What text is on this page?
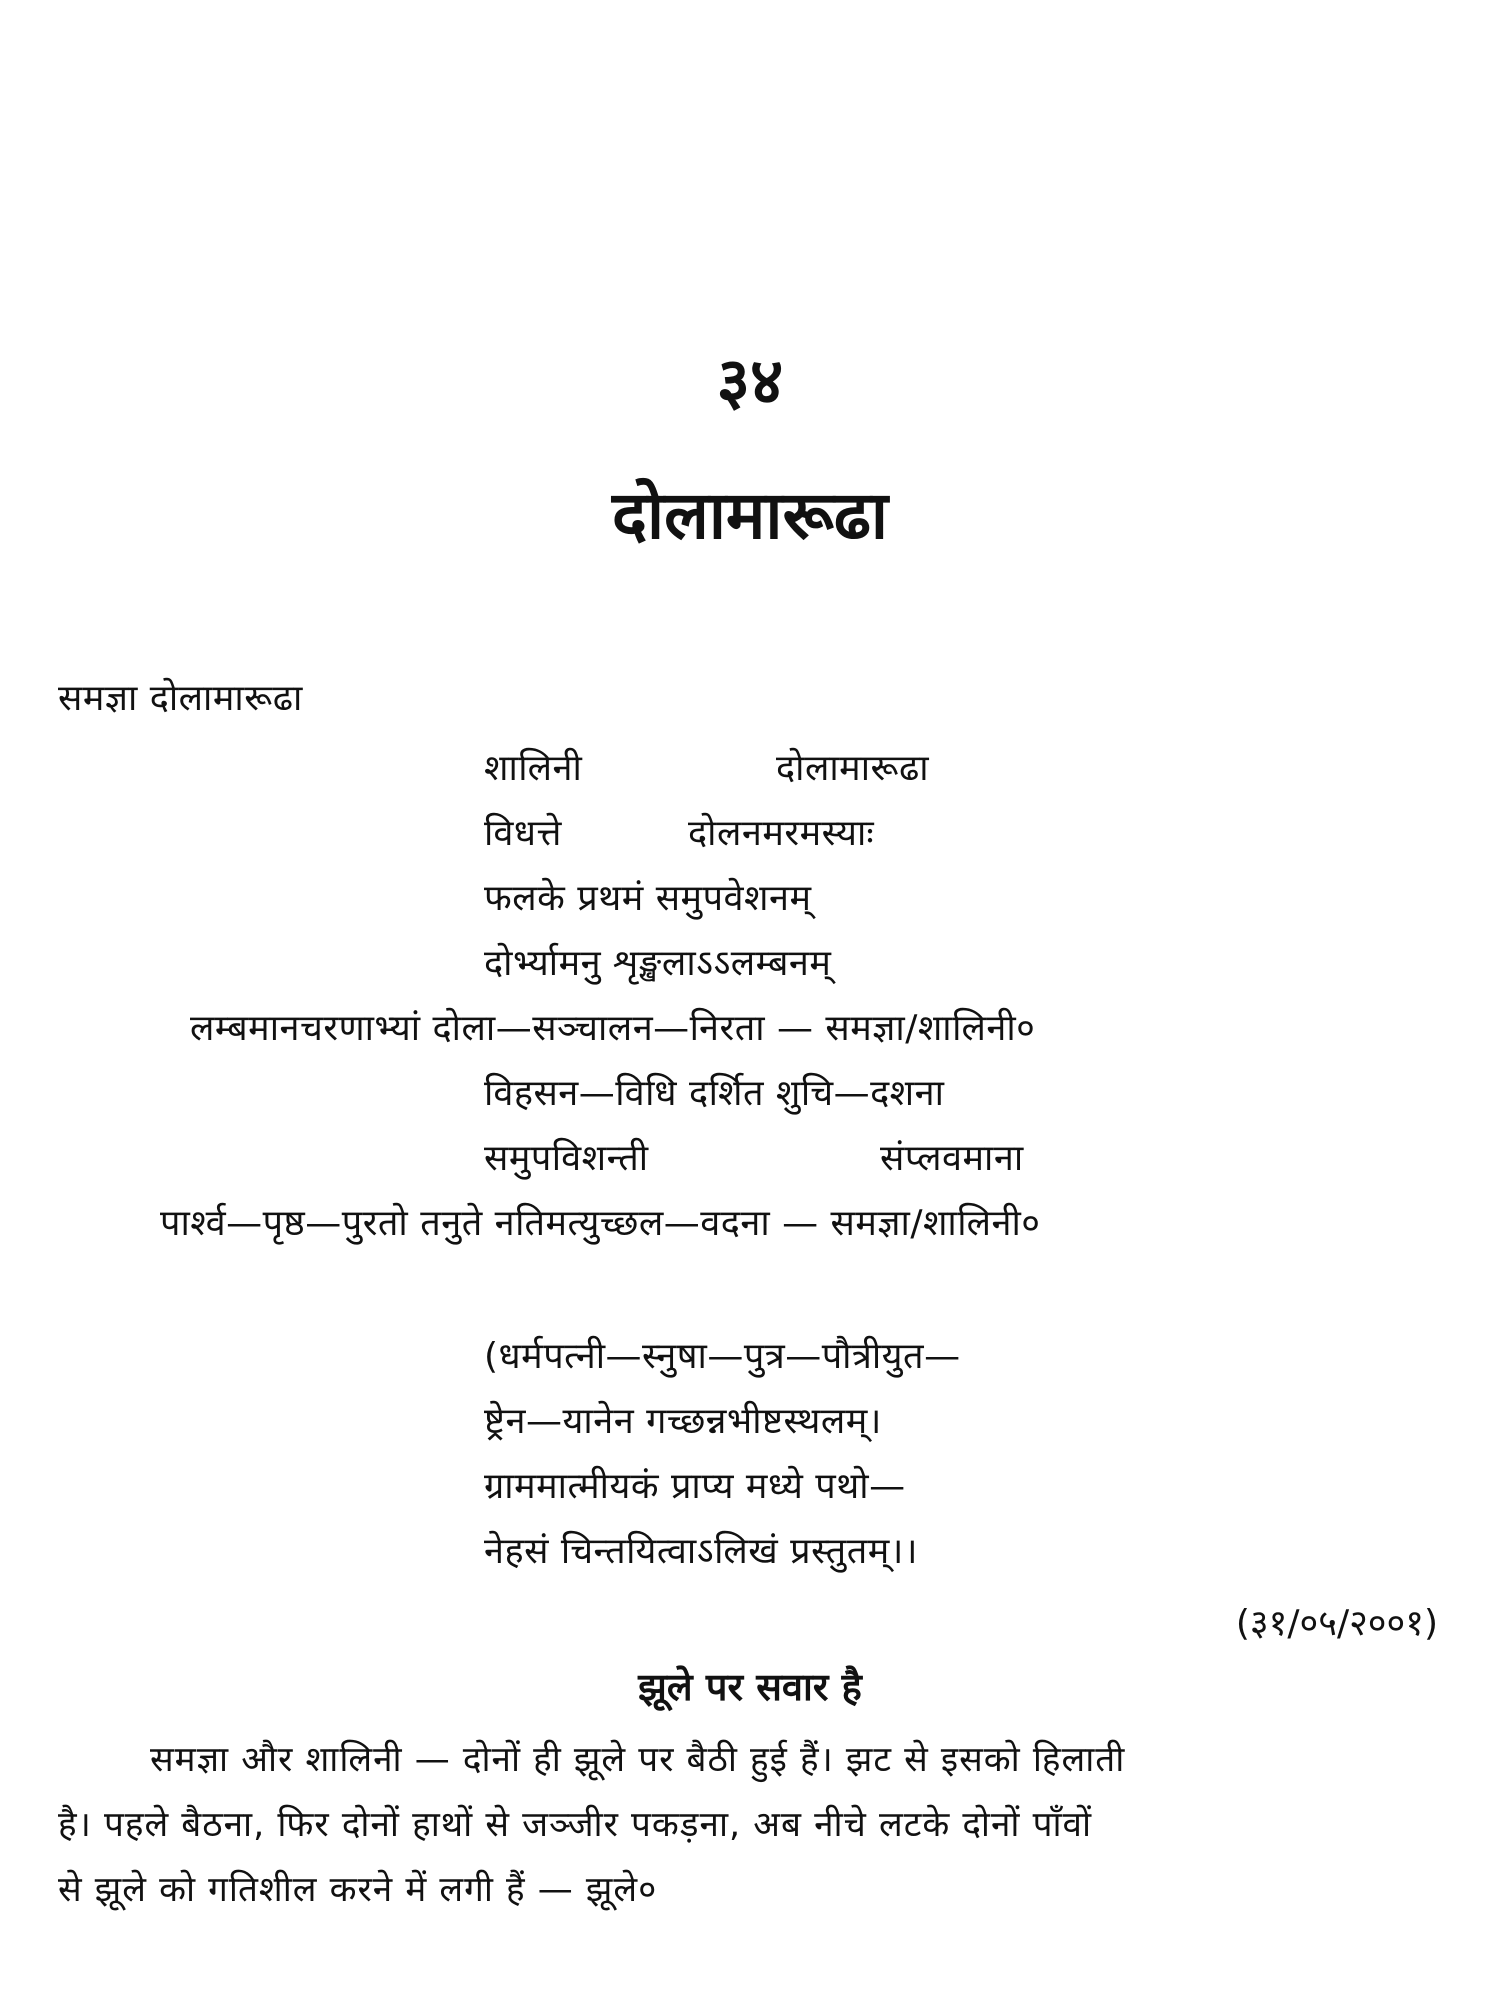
३४
दोलामारूढा
समज्ञा दोलामारूढा
शालिनी	दोलामारूढा
विधत्ते	दोलनमरमस्याः
फलके प्रथमं समुपवेशनम्
दोर्भ्यामनु शृङ्खलाऽऽलम्बनम्
लम्बमानचरणाभ्यां दोला—सञ्चालन—निरता — समज्ञा/शालिनी०
विहसन—विधि दर्शित शुचि—दशना
समुपविशन्ती	संप्लवमाना
पार्श्व—पृष्ठ—पुरतो तनुते नतिमत्युच्छल—वदना — समज्ञा/शालिनी०
(धर्मपत्नी—स्नुषा—पुत्र—पौत्रीयुत—
ष्ट्रेन—यानेन गच्छन्नभीष्टस्थलम्।
ग्राममात्मीयकं प्राप्य मध्ये पथो—
नेहसं चिन्तयित्वाऽलिखं प्रस्तुतम्।।
(३१/०५/२००१)
झूले पर सवार है
समज्ञा और शालिनी — दोनों ही झूले पर बैठी हुई हैं। झट से इसको हिलाती
है। पहले बैठना, फिर दोनों हाथों से जञ्जीर पकड़ना, अब नीचे लटके दोनों पाँवों
से झूले को गतिशील करने में लगी हैं — झूले०
